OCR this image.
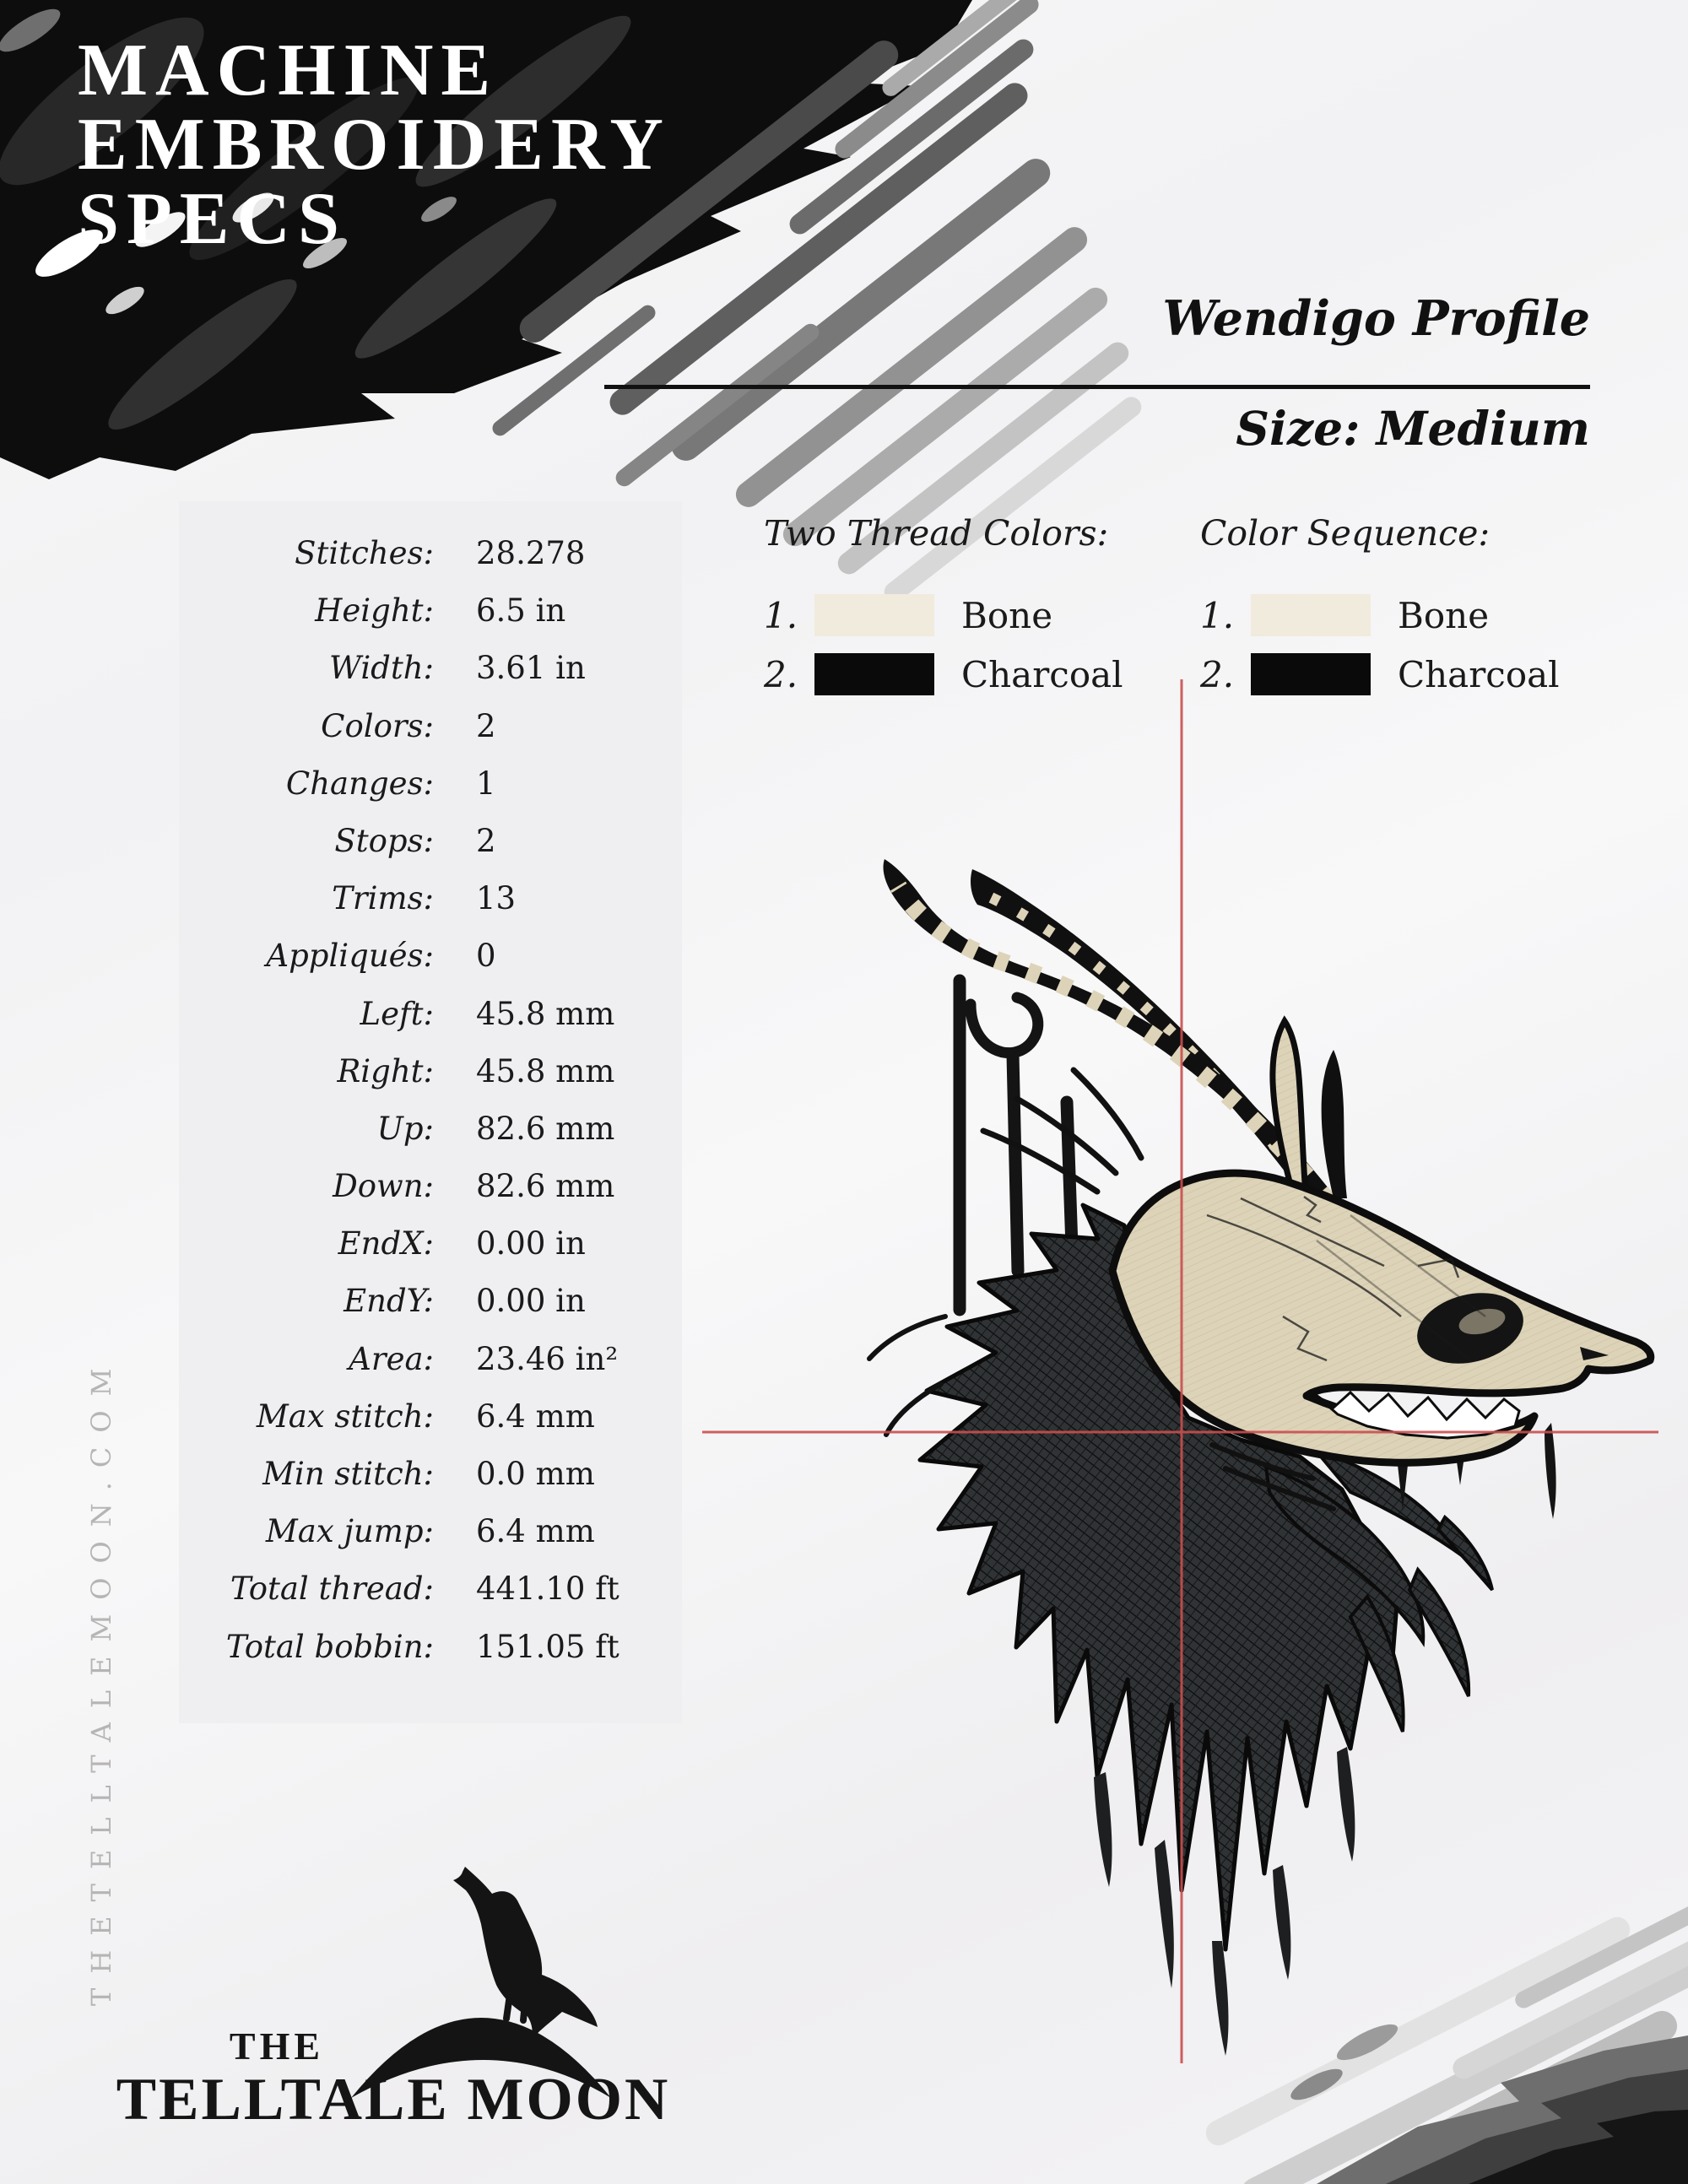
MACHINE
EMBROIDERY
SPECS
Wendigo Profile
Size: Medium
Stitches: 28.278
Height: 6.5 in
Width: 3.61 in
Colors: 2
Changes: 1
Stops: 2
Trims: 13
Appliqués: 0
Left: 45.8 mm
Right: 45.8 mm
Up: 82.6 mm
Down: 82.6 mm
EndX: 0.00 in
EndY: 0.00 in
Area: 23.46 in²
Max stitch: 6.4 mm
Min stitch: 0.0 mm
Max jump: 6.4 mm
Total thread: 441.10 ft
Total bobbin: 151.05 ft
Two Thread Colors:
1.	Bone
2.	Charcoal
Color Sequence:
1.	Bone
2.	Charcoal
THETELLTALEMOON.COM
THE
TELLTALE MOON
